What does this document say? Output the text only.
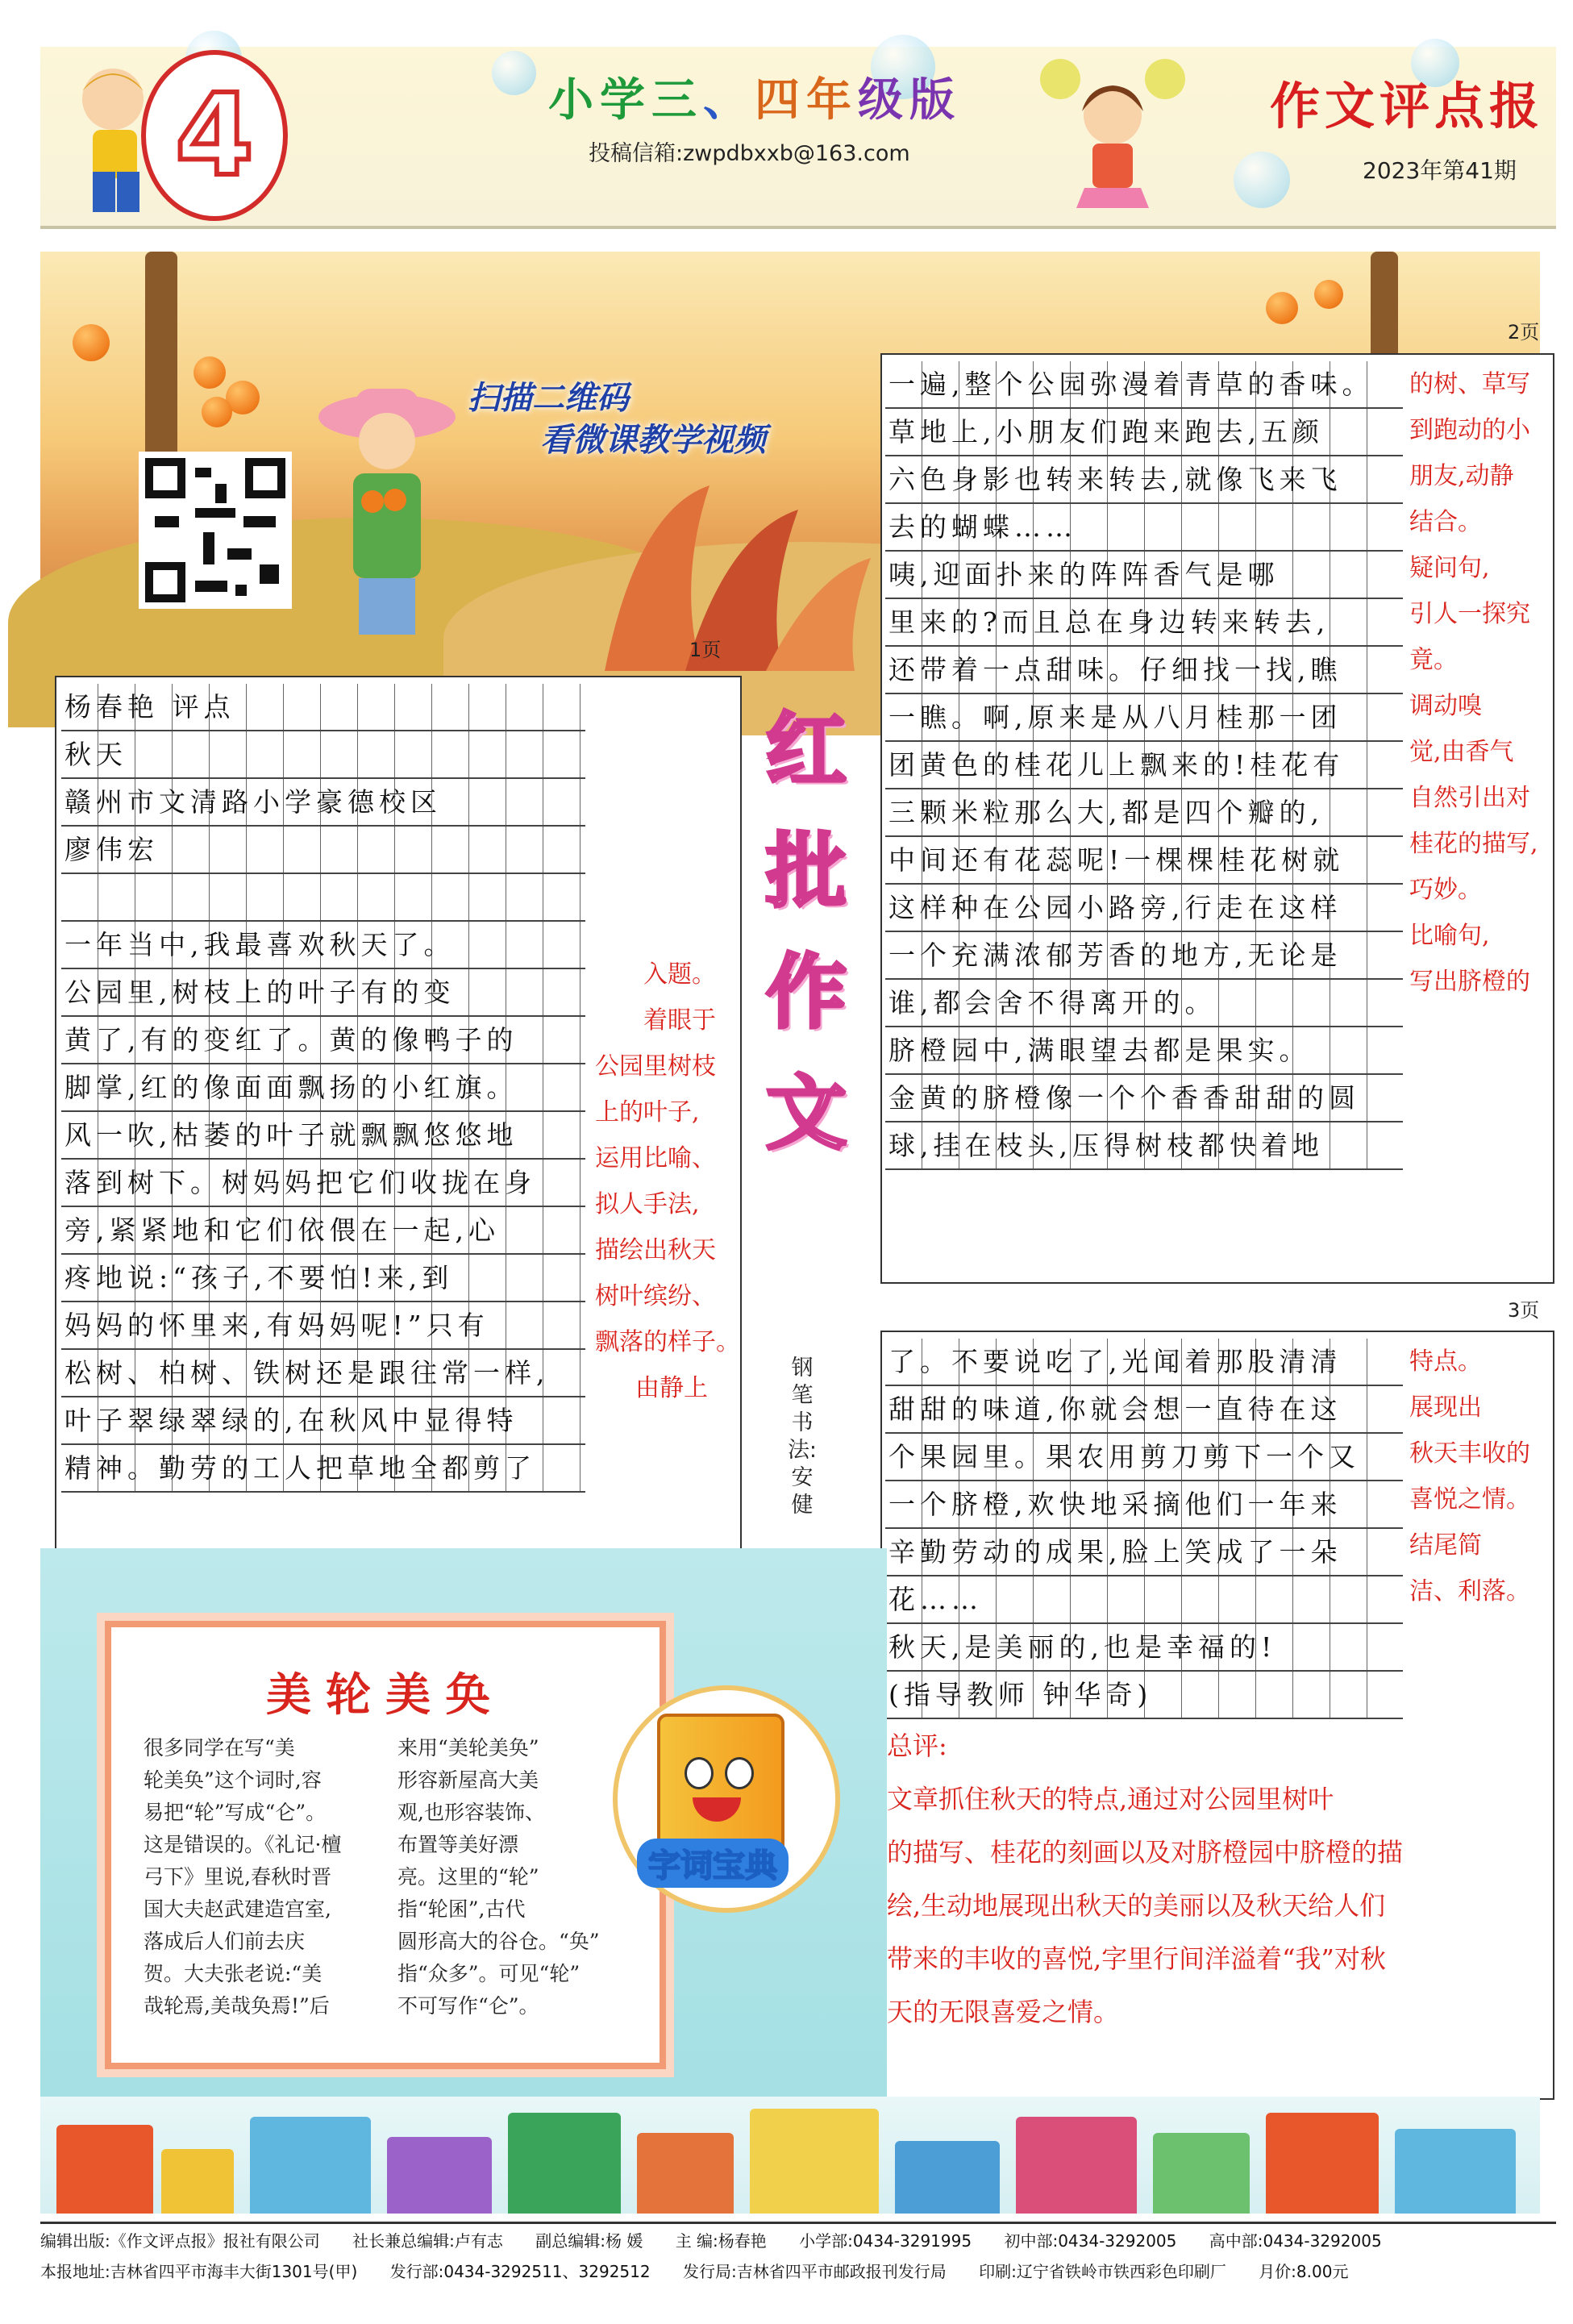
4	小学三、四年级版
投稿信箱:zwpdbxxb@163.com
作文评点报
2023年第41期
扫描二维码
看微课教学视频
1页
2页
3页
杨春艳 评点
秋天
赣州市文清路小学豪德校区
廖伟宏
一年当中,我最喜欢秋天了。
公园里,树枝上的叶子有的变
黄了,有的变红了。黄的像鸭子的
脚掌,红的像面面飘扬的小红旗。
风一吹,枯萎的叶子就飘飘悠悠地
落到树下。树妈妈把它们收拢在身
旁,紧紧地和它们依偎在一起,心
疼地说:“孩子,不要怕!来,到
妈妈的怀里来,有妈妈呢!”只有
松树、柏树、铁树还是跟往常一样,
叶子翠绿翠绿的,在秋风中显得特
精神。勤劳的工人把草地全都剪了
入题。
着眼于
公园里树枝
上的叶子,
运用比喻、
拟人手法,
描绘出秋天
树叶缤纷、
飘落的样子。
由静上
红
批
作
文
钢笔书法:安 健
一遍,整个公园弥漫着青草的香味。
草地上,小朋友们跑来跑去,五颜
六色身影也转来转去,就像飞来飞
去的蝴蝶……
咦,迎面扑来的阵阵香气是哪
里来的?而且总在身边转来转去,
还带着一点甜味。仔细找一找,瞧
一瞧。啊,原来是从八月桂那一团
团黄色的桂花儿上飘来的!桂花有
三颗米粒那么大,都是四个瓣的,
中间还有花蕊呢!一棵棵桂花树就
这样种在公园小路旁,行走在这样
一个充满浓郁芳香的地方,无论是
谁,都会舍不得离开的。
脐橙园中,满眼望去都是果实。
金黄的脐橙像一个个香香甜甜的圆
球,挂在枝头,压得树枝都快着地
的树、草写
到跑动的小
朋友,动静
结合。
疑问句,
引人一探究
竟。
调动嗅
觉,由香气
自然引出对
桂花的描写,
巧妙。
比喻句,
写出脐橙的
了。不要说吃了,光闻着那股清清
甜甜的味道,你就会想一直待在这
个果园里。果农用剪刀剪下一个又
一个脐橙,欢快地采摘他们一年来
辛勤劳动的成果,脸上笑成了一朵
花……
秋天,是美丽的,也是幸福的!
(指导教师 钟华奇)
特点。
展现出
秋天丰收的
喜悦之情。
结尾简
洁、利落。
总评:
文章抓住秋天的特点,通过对公园里树叶
的描写、桂花的刻画以及对脐橙园中脐橙的描
绘,生动地展现出秋天的美丽以及秋天给人们
带来的丰收的喜悦,字里行间洋溢着“我”对秋
天的无限喜爱之情。
美轮美奂
很多同学在写“美
轮美奂”这个词时,容
易把“轮”写成“仑”。
这是错误的。《礼记·檀
弓下》里说,春秋时晋
国大夫赵武建造宫室,
落成后人们前去庆
贺。大夫张老说:“美
哉轮焉,美哉奂焉!”后
来用“美轮美奂”
形容新屋高大美
观,也形容装饰、
布置等美好漂
亮。这里的“轮”
指“轮囷”,古代
圆形高大的谷仓。“奂”
指“众多”。可见“轮”
不可写作“仑”。
字词宝典
编辑出版:《作文评点报》报社有限公司 社长兼总编辑:卢有志 副总编辑:杨 媛 主 编:杨春艳 小学部:0434-3291995 初中部:0434-3292005 高中部:0434-3292005
本报地址:吉林省四平市海丰大街1301号(甲) 发行部:0434-3292511、3292512 发行局:吉林省四平市邮政报刊发行局 印刷:辽宁省铁岭市铁西彩色印刷厂 月价:8.00元
